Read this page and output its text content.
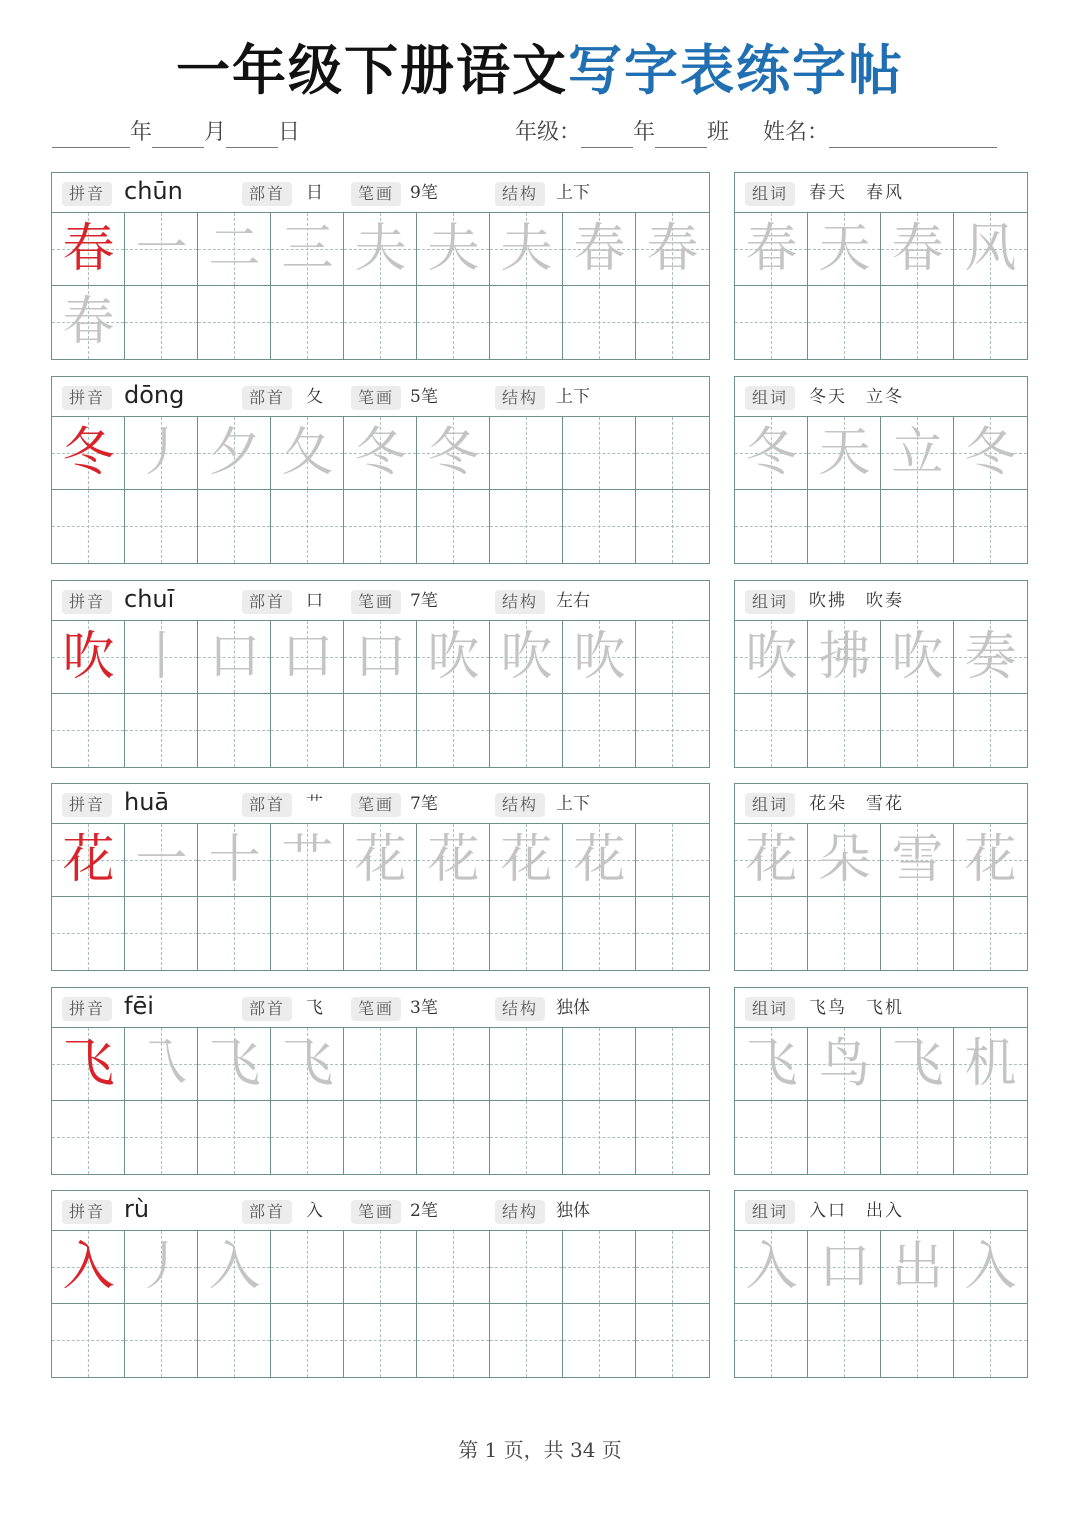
一年级下册语文写字表练字帖
年 月 日	年级： 年 班 姓名：
拼音 chūn	部首	日	笔画 9笔	结构	上下
春 一 二 三 夫 夫 夫 春 春
春
组词	春天　春风
春 天 春 风
拼音 dōng	部首	夂	笔画 5笔	结构	上下
冬 丿 夕 夂 冬 冬
组词	冬天　立冬
冬 天 立 冬
拼音 chuī	部首	口	笔画 7笔	结构	左右
吹 丨 口 口 口 吹 吹 吹
组词	吹拂　吹奏
吹 拂 吹 奏
拼音 huā	部首	艹	笔画 7笔	结构	上下
花 一 十 艹 花 花 花 花
组词	花朵　雪花
花 朵 雪 花
拼音 fēi	部首	飞	笔画 3笔	结构	独体
飞 乁 飞 飞
组词	飞鸟　飞机
飞 鸟 飞 机
拼音 rù	部首	入	笔画 2笔	结构	独体
入 丿 入
组词	入口　出入
入 口 出 入
第 1 页，共 34 页
